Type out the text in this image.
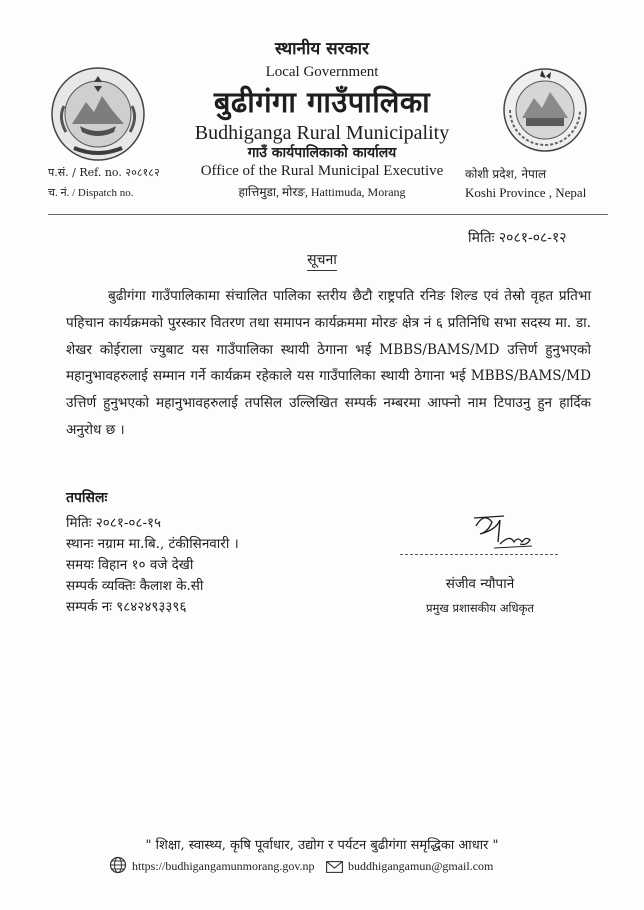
स्थानीय सरकार
Local Government
बुढीगंगा गाउँपालिका
Budhiganga Rural Municipality
गाउँ कार्यपालिकाको कार्यालय
Office of the Rural Municipal Executive
हात्तिमुडा, मोरङ, Hattimuda, Morang
प.सं. / Ref. no. २०८१८२
च. नं. / Dispatch no.
कोशी प्रदेश, नेपाल
Koshi Province , Nepal
मितिः २०८१-०८-१२
सूचना

बुढीगंगा गाउँपालिकामा संचालित पालिका स्तरीय छैटौ राष्ट्रपति रनिङ शिल्ड एवं तेस्रो वृहत प्रतिभा पहिचान कार्यक्रमको पुरस्कार वितरण तथा समापन कार्यक्रममा मोरङ क्षेत्र नं ६ प्रतिनिधि सभा सदस्य मा. डा. शेखर कोईराला ज्युबाट यस गाउँपालिका स्थायी ठेगाना भई MBBS/BAMS/MD उत्तिर्ण हुनुभएको महानुभावहरुलाई सम्मान गर्ने कार्यक्रम रहेकाले यस गाउँपालिका स्थायी ठेगाना भई MBBS/BAMS/MD उत्तिर्ण हुनुभएको महानुभावहरुलाई तपसिल उल्लिखित सम्पर्क नम्बरमा आफ्नो नाम टिपाउनु हुन हार्दिक अनुरोध छ ।

तपसिलः
मितिः २०८१-०८-१५
स्थानः नग्राम मा.बि., टंकीसिनवारी ।
समयः विहान १० वजे देखी
सम्पर्क व्यक्तिः कैलाश के.सी
सम्पर्क नः ९८४२४९३३९६
संजीव न्यौपाने
प्रमुख प्रशासकीय अधिकृत
" शिक्षा, स्वास्थ्य, कृषि पूर्वाधार, उद्योग र पर्यटन बुढीगंगा समृद्धिका आधार "
https://budhigangamunmorang.gov.np	buddhigangamun@gmail.com
